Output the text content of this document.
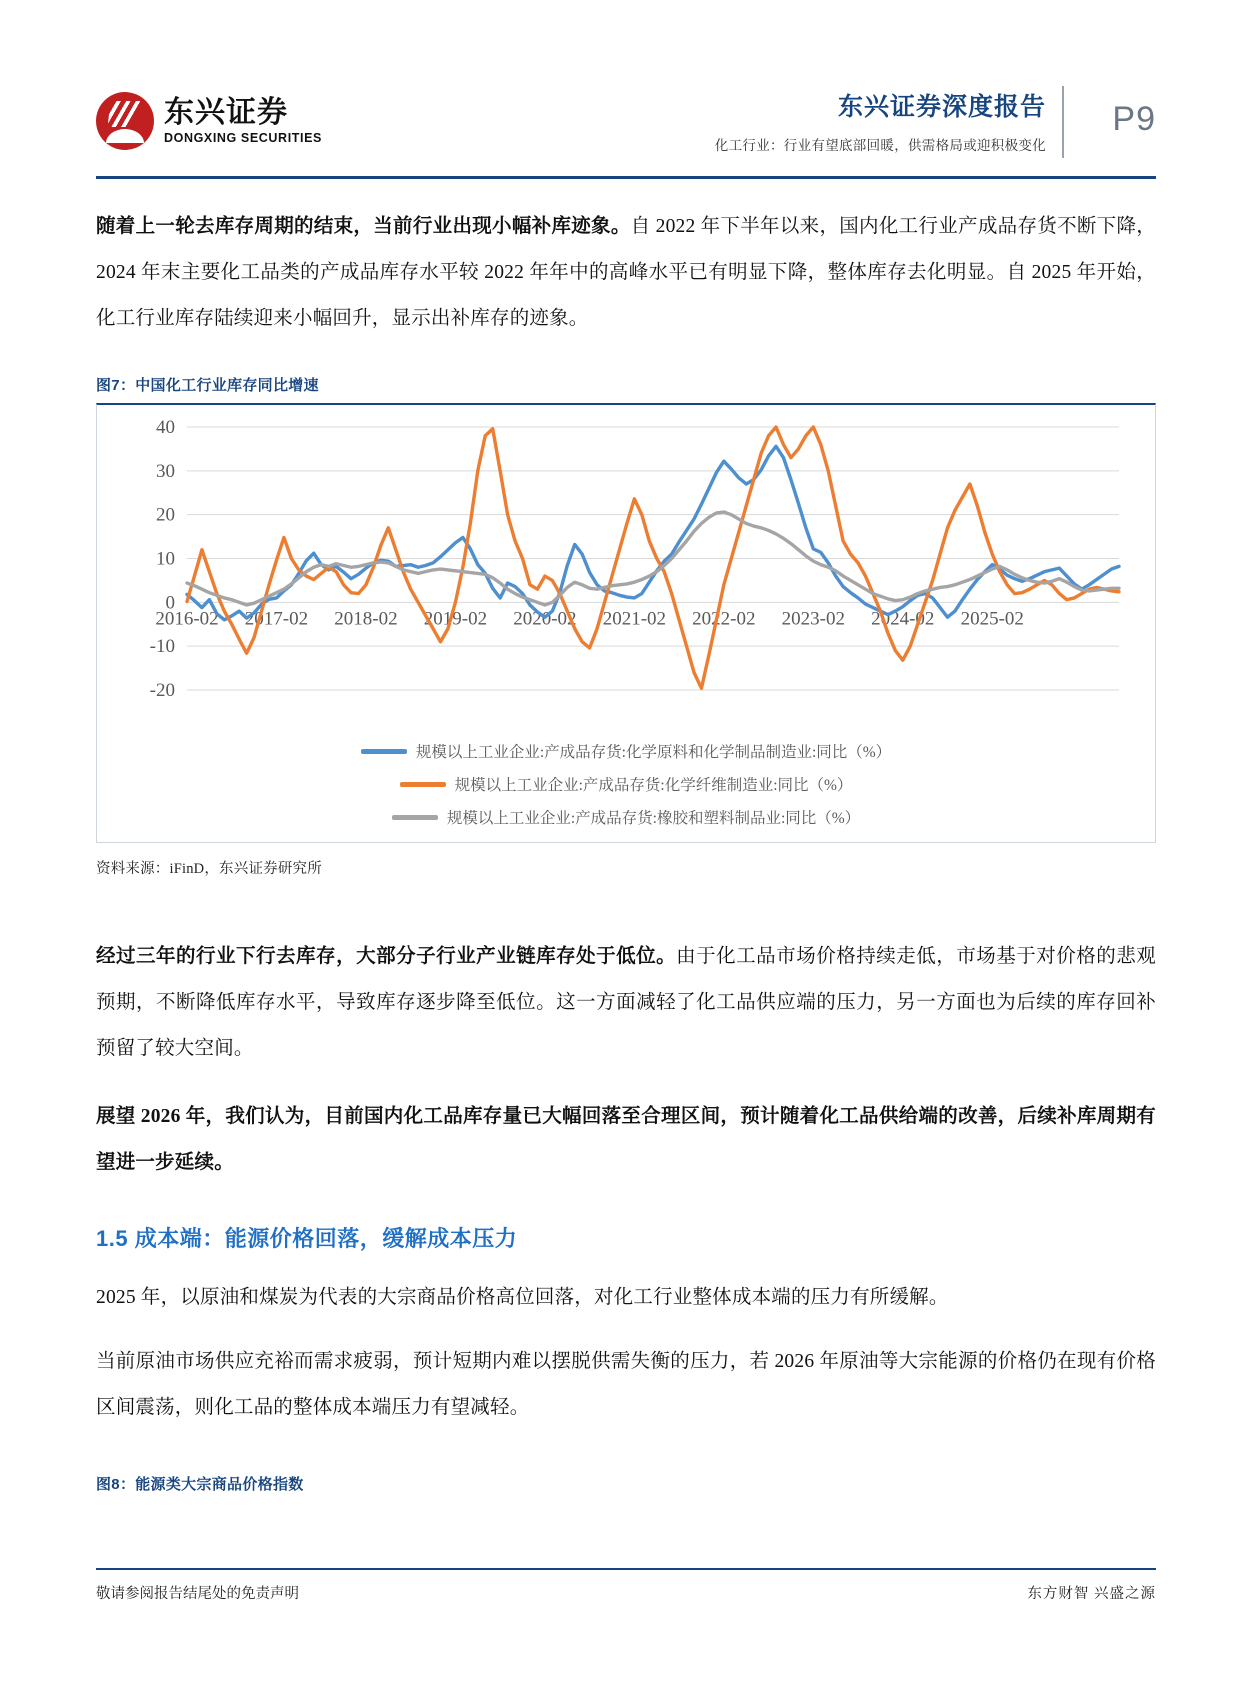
东兴证券
DONGXING SECURITIES
东兴证券深度报告
化工行业：行业有望底部回暖，供需格局或迎积极变化
P9

随着上一轮去库存周期的结束，当前行业出现小幅补库迹象。自 2022 年下半年以来，国内化工行业产成品存货不断下降，2024 年末主要化工品类的产成品库存水平较 2022 年年中的高峰水平已有明显下降，整体库存去化明显。自 2025 年开始，化工行业库存陆续迎来小幅回升，显示出补库存的迹象。

图7：中国化工行业库存同比增速
-20
-10
0
10
20
30
40
2016-02 2017-02 2018-02 2019-02 2020-02 2021-02 2022-02 2023-02 2024-02 2025-02
规模以上工业企业:产成品存货:化学原料和化学制品制造业:同比（%）
规模以上工业企业:产成品存货:化学纤维制造业:同比（%）
规模以上工业企业:产成品存货:橡胶和塑料制品业:同比（%）
资料来源：iFinD，东兴证券研究所

经过三年的行业下行去库存，大部分子行业产业链库存处于低位。由于化工品市场价格持续走低，市场基于对价格的悲观预期，不断降低库存水平，导致库存逐步降至低位。这一方面减轻了化工品供应端的压力，另一方面也为后续的库存回补预留了较大空间。

展望 2026 年，我们认为，目前国内化工品库存量已大幅回落至合理区间，预计随着化工品供给端的改善，后续补库周期有望进一步延续。

1.5 成本端：能源价格回落，缓解成本压力

2025 年，以原油和煤炭为代表的大宗商品价格高位回落，对化工行业整体成本端的压力有所缓解。

当前原油市场供应充裕而需求疲弱，预计短期内难以摆脱供需失衡的压力，若 2026 年原油等大宗能源的价格仍在现有价格区间震荡，则化工品的整体成本端压力有望减轻。

图8：能源类大宗商品价格指数
敬请参阅报告结尾处的免责声明	东方财智 兴盛之源
